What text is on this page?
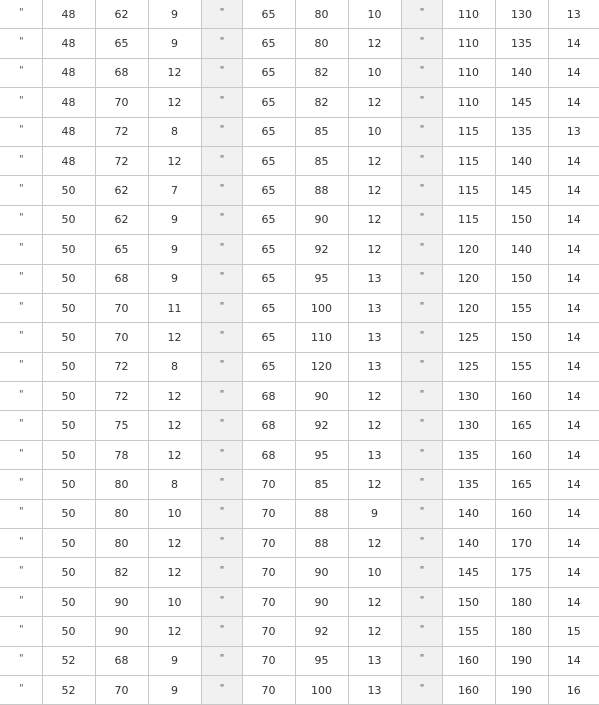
"	48	62	9	"	65	80	10	"	110	130	13
"	48	65	9	"	65	80	12	"	110	135	14
"	48	68	12	"	65	82	10	"	110	140	14
"	48	70	12	"	65	82	12	"	110	145	14
"	48	72	8	"	65	85	10	"	115	135	13
"	48	72	12	"	65	85	12	"	115	140	14
"	50	62	7	"	65	88	12	"	115	145	14
"	50	62	9	"	65	90	12	"	115	150	14
"	50	65	9	"	65	92	12	"	120	140	14
"	50	68	9	"	65	95	13	"	120	150	14
"	50	70	11	"	65	100	13	"	120	155	14
"	50	70	12	"	65	110	13	"	125	150	14
"	50	72	8	"	65	120	13	"	125	155	14
"	50	72	12	"	68	90	12	"	130	160	14
"	50	75	12	"	68	92	12	"	130	165	14
"	50	78	12	"	68	95	13	"	135	160	14
"	50	80	8	"	70	85	12	"	135	165	14
"	50	80	10	"	70	88	9	"	140	160	14
"	50	80	12	"	70	88	12	"	140	170	14
"	50	82	12	"	70	90	10	"	145	175	14
"	50	90	10	"	70	90	12	"	150	180	14
"	50	90	12	"	70	92	12	"	155	180	15
"	52	68	9	"	70	95	13	"	160	190	14
"	52	70	9	"	70	100	13	"	160	190	16
